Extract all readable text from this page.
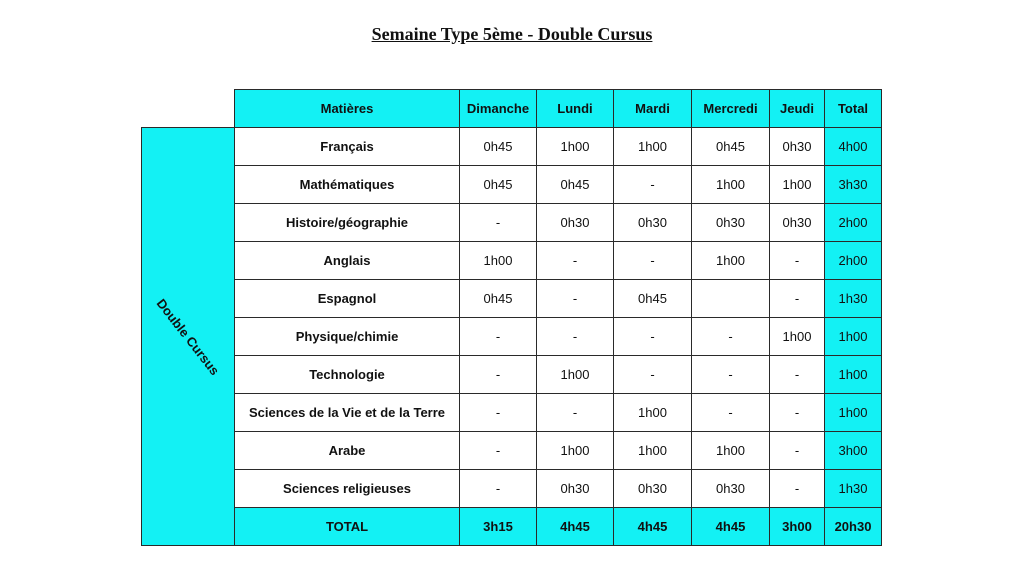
Semaine Type 5ème - Double Cursus
	Matières	Dimanche	Lundi	Mardi	Mercredi	Jeudi	Total

Double Cursus	Français	0h45	1h00	1h00	0h45	0h30	4h00
	Mathématiques	0h45	0h45	-	1h00	1h00	3h30
	Histoire/géographie	-	0h30	0h30	0h30	0h30	2h00
	Anglais	1h00	-	-	1h00	-	2h00
	Espagnol	0h45	-	0h45		-	1h30
	Physique/chimie	-	-	-	-	1h00	1h00
	Technologie	-	1h00	-	-	-	1h00
	Sciences de la Vie et de la Terre	-	-	1h00	-	-	1h00
	Arabe	-	1h00	1h00	1h00	-	3h00
	Sciences religieuses	-	0h30	0h30	0h30	-	1h30
	TOTAL	3h15	4h45	4h45	4h45	3h00	20h30
